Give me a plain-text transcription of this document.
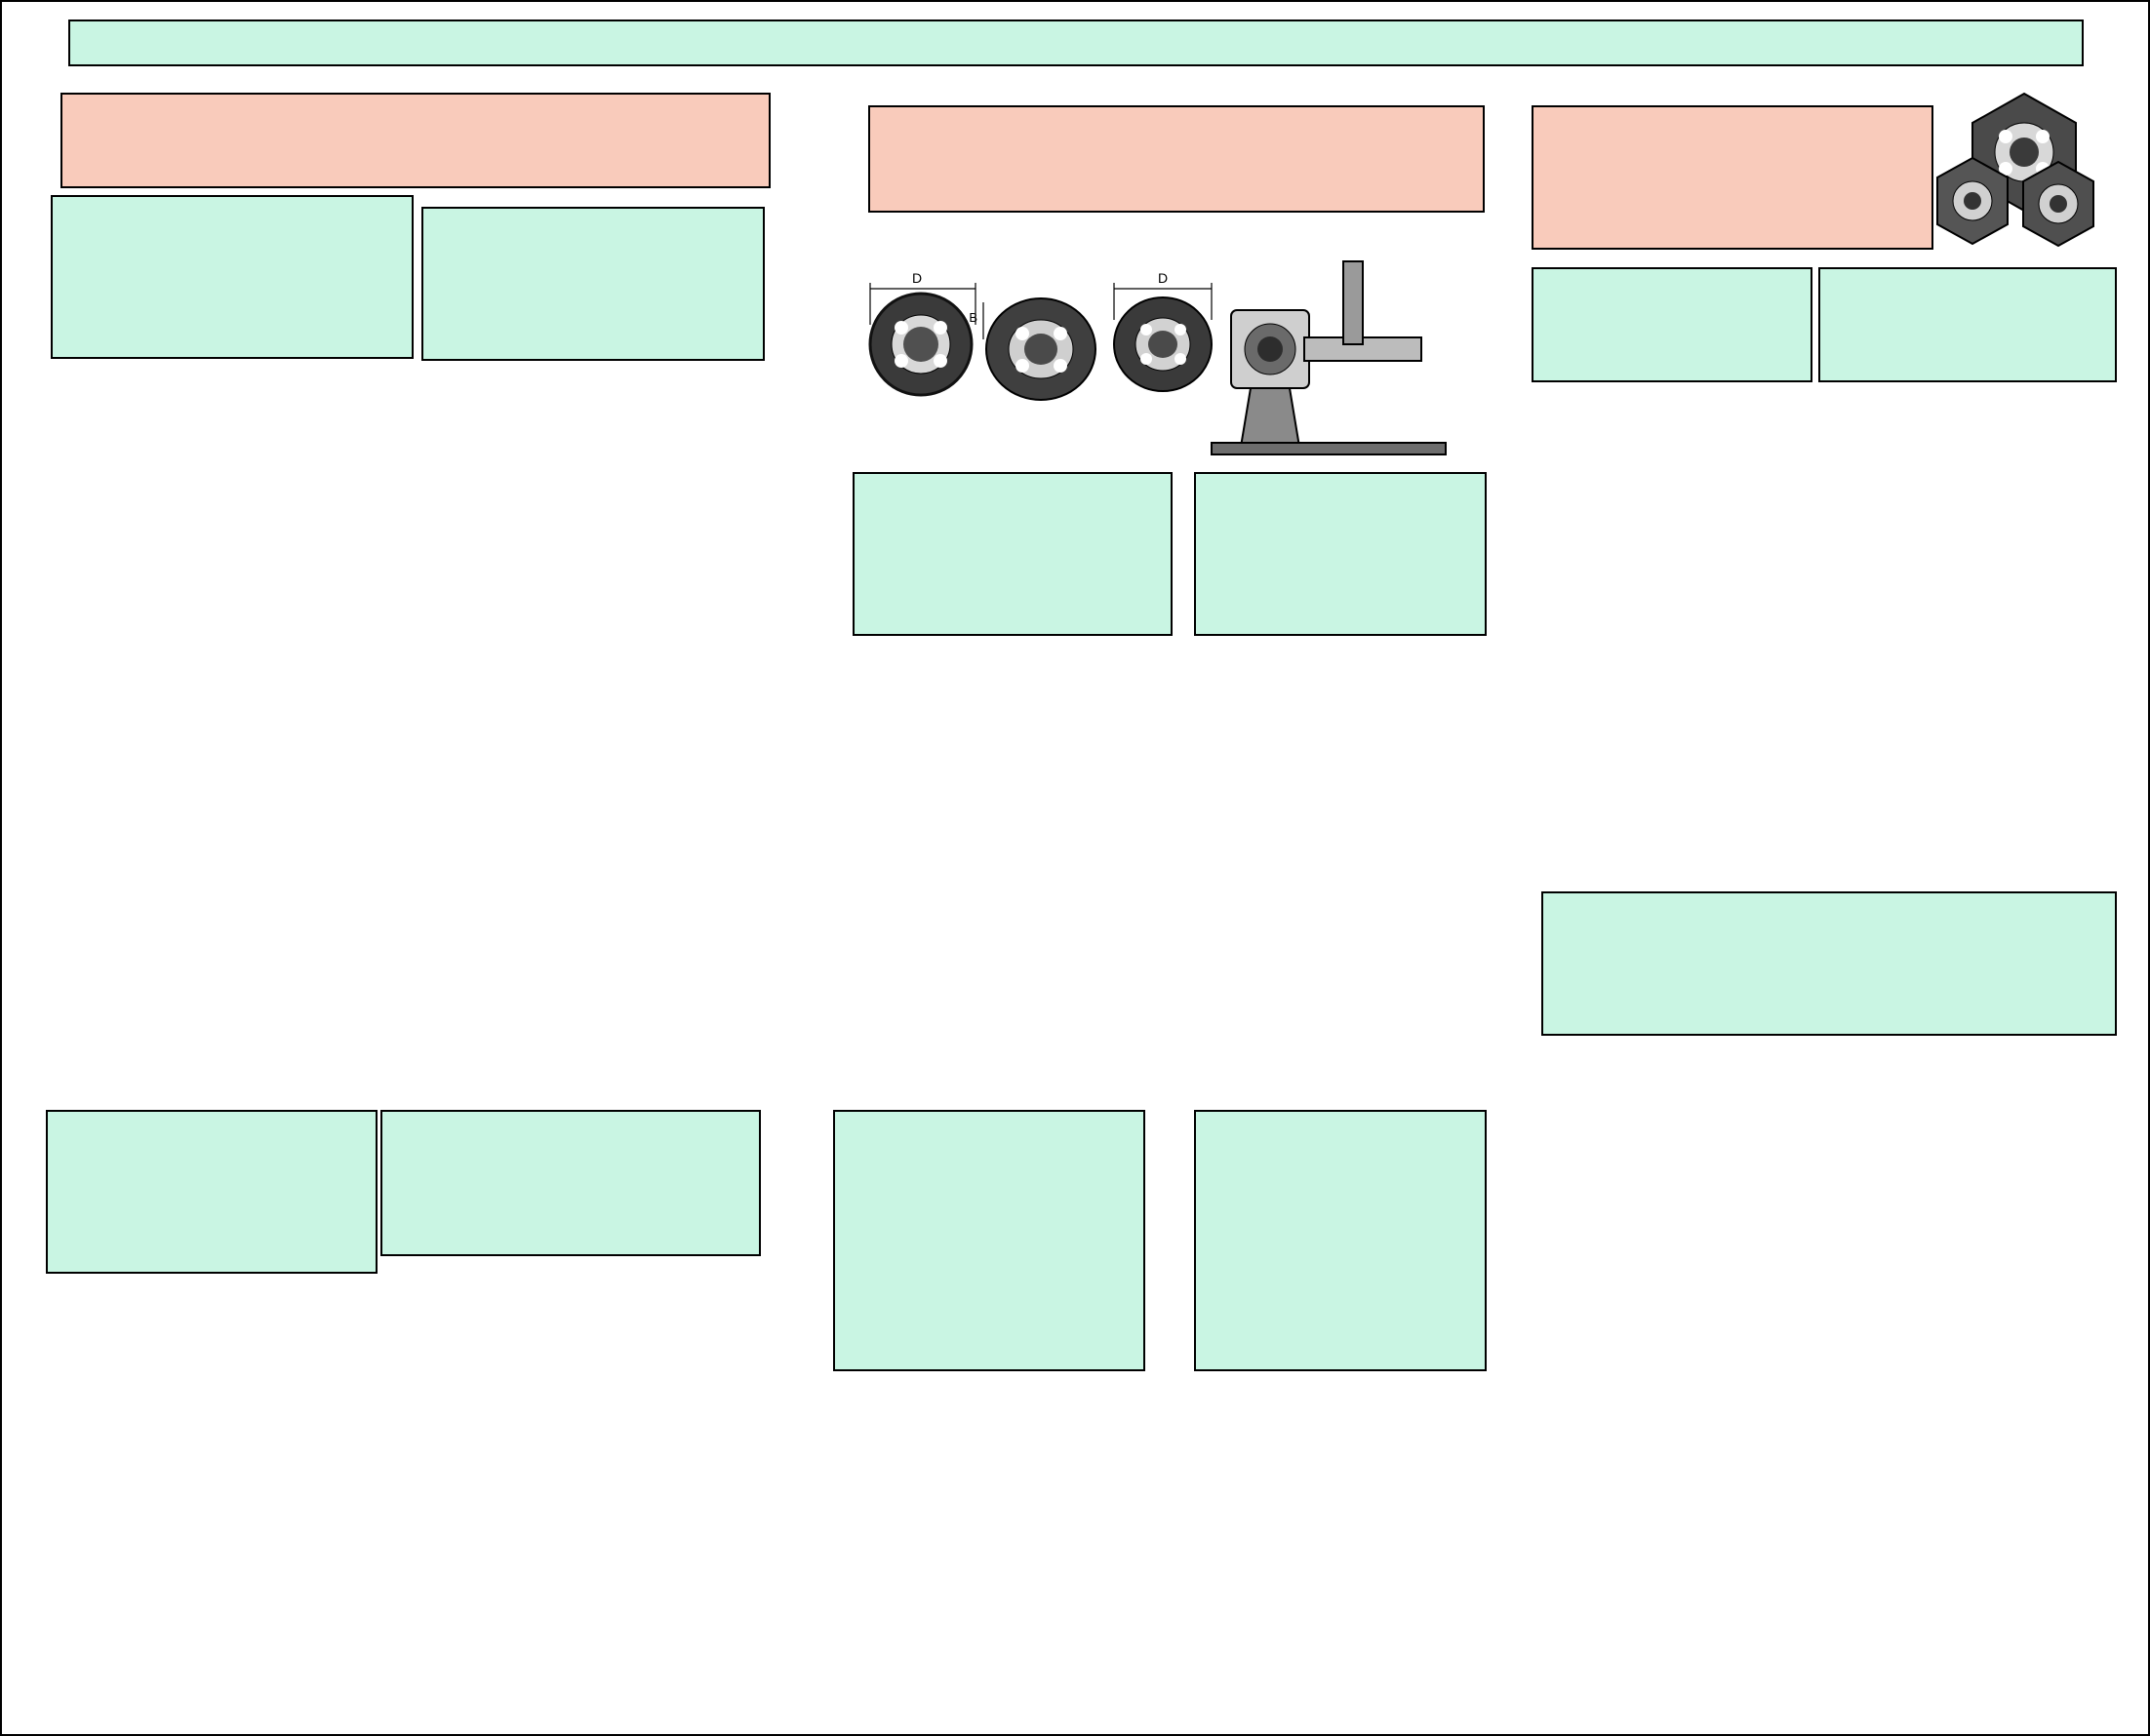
D
B
D
